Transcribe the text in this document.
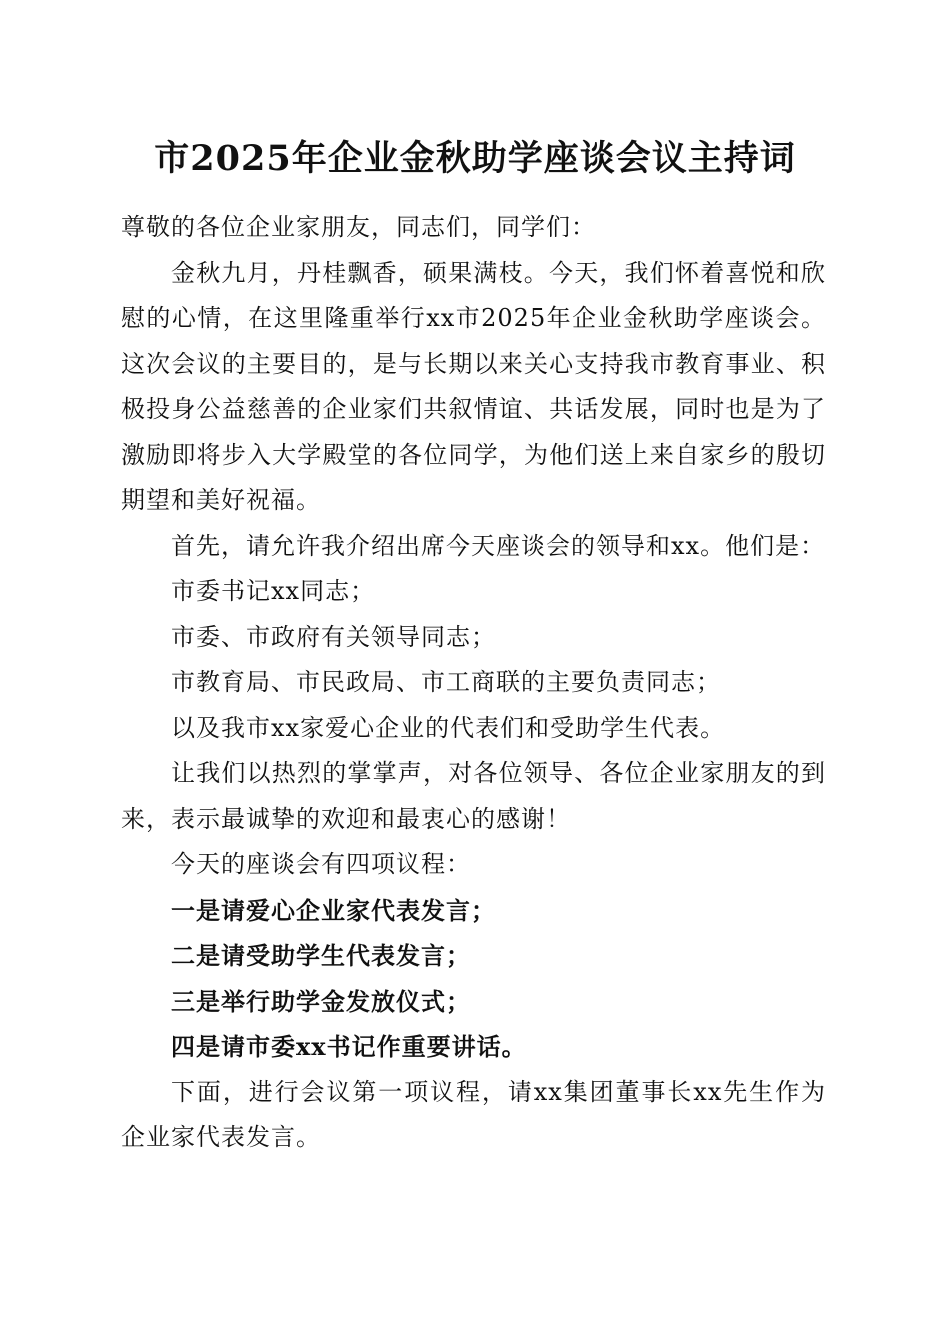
市2025年企业金秋助学座谈会议主持词

尊敬的各位企业家朋友，同志们，同学们：

金秋九月，丹桂飘香，硕果满枝。今天，我们怀着喜悦和欣慰的心情，在这里隆重举行xx市2025年企业金秋助学座谈会。这次会议的主要目的，是与长期以来关心支持我市教育事业、积极投身公益慈善的企业家们共叙情谊、共话发展，同时也是为了激励即将步入大学殿堂的各位同学，为他们送上来自家乡的殷切期望和美好祝福。

首先，请允许我介绍出席今天座谈会的领导和xx。他们是：

市委书记xx同志；

市委、市政府有关领导同志；

市教育局、市民政局、市工商联的主要负责同志；

以及我市xx家爱心企业的代表们和受助学生代表。

让我们以热烈的掌掌声，对各位领导、各位企业家朋友的到来，表示最诚挚的欢迎和最衷心的感谢！

今天的座谈会有四项议程：

一是请爱心企业家代表发言；

二是请受助学生代表发言；

三是举行助学金发放仪式；

四是请市委xx书记作重要讲话。

下面，进行会议第一项议程，请xx集团董事长xx先生作为企业家代表发言。
